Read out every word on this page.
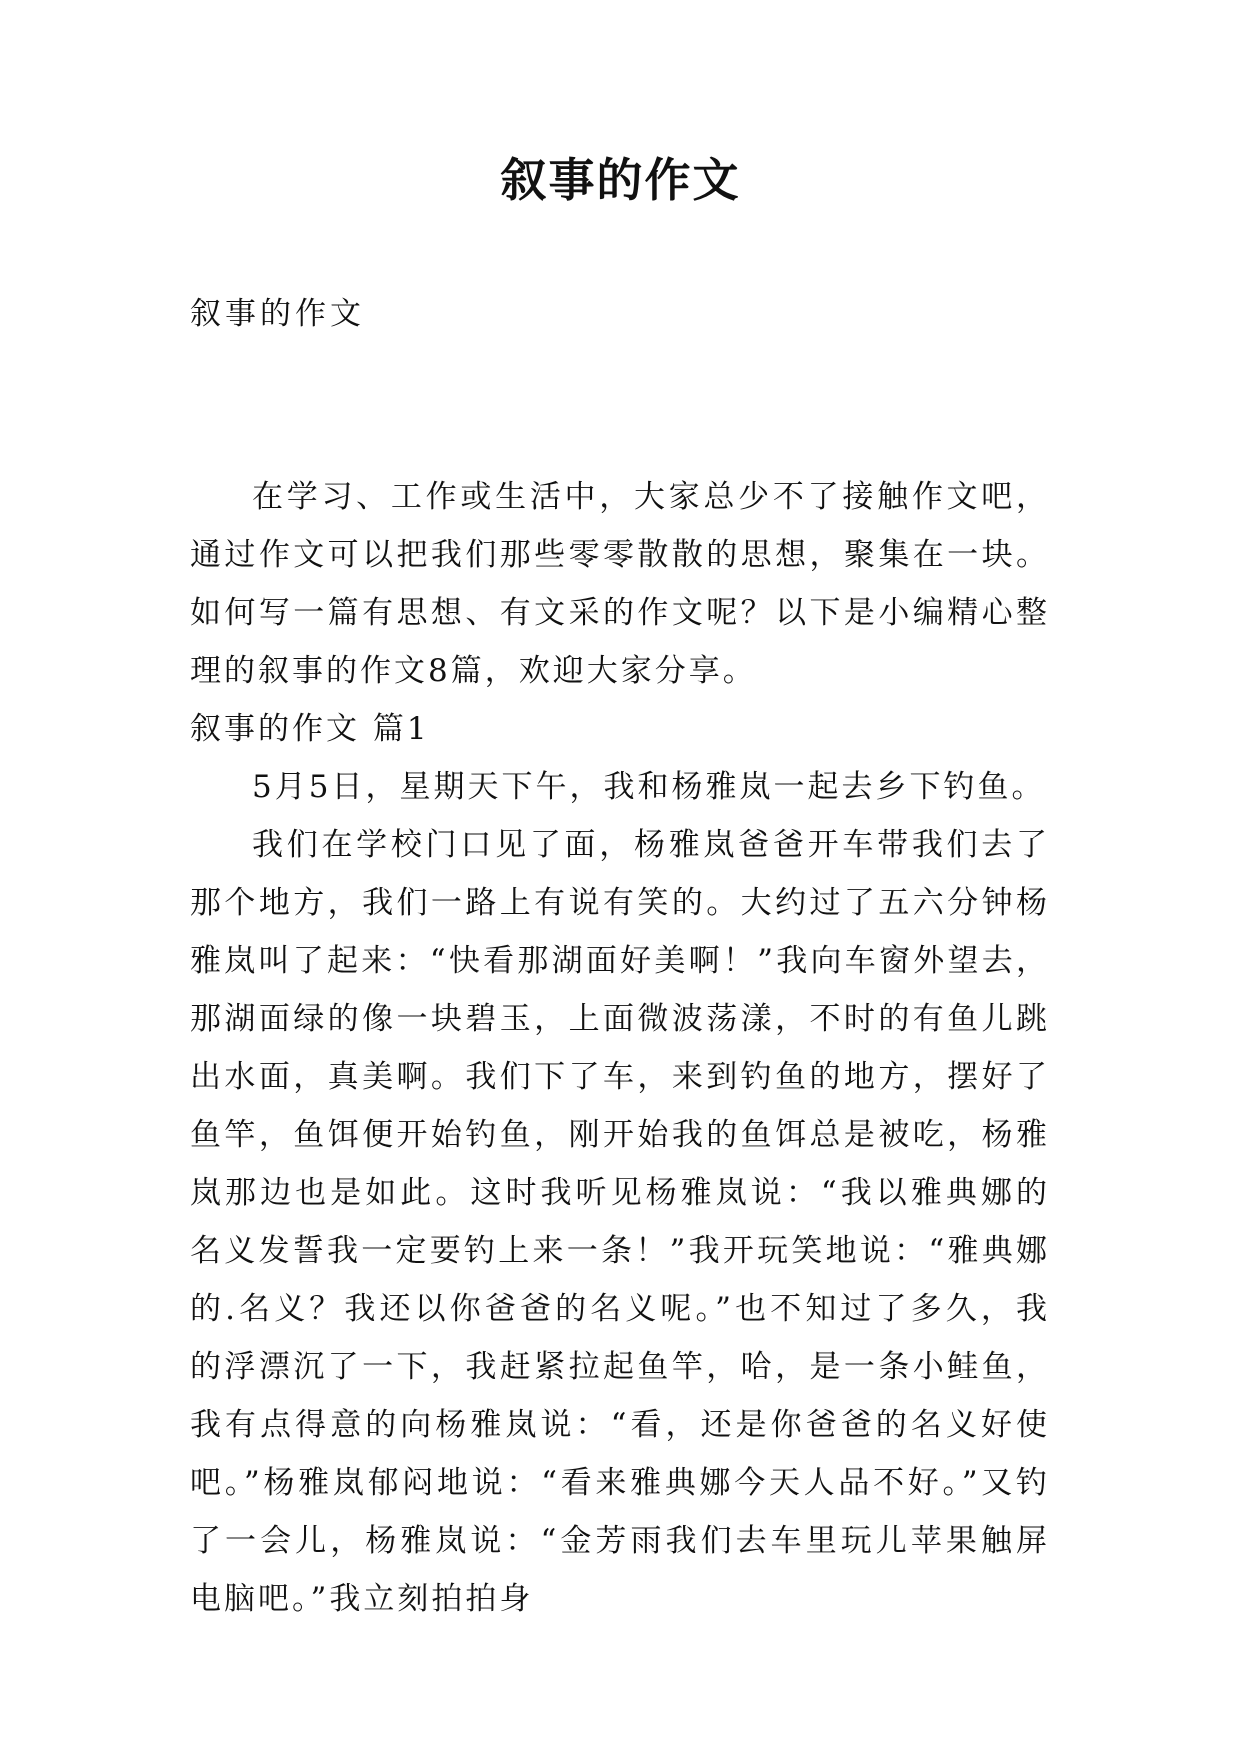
叙事的作文

叙事的作文

在学习、工作或生活中，大家总少不了接触作文吧，通过作文可以把我们那些零零散散的思想，聚集在一块。如何写一篇有思想、有文采的作文呢？以下是小编精心整理的叙事的作文8篇，欢迎大家分享。

叙事的作文 篇1

5月5日，星期天下午，我和杨雅岚一起去乡下钓鱼。

我们在学校门口见了面，杨雅岚爸爸开车带我们去了那个地方，我们一路上有说有笑的。大约过了五六分钟杨雅岚叫了起来：“快看那湖面好美啊！”我向车窗外望去，那湖面绿的像一块碧玉，上面微波荡漾，不时的有鱼儿跳出水面，真美啊。我们下了车，来到钓鱼的地方，摆好了鱼竿，鱼饵便开始钓鱼，刚开始我的鱼饵总是被吃，杨雅岚那边也是如此。这时我听见杨雅岚说：“我以雅典娜的名义发誓我一定要钓上来一条！”我开玩笑地说：“雅典娜的.名义？我还以你爸爸的名义呢。”也不知过了多久，我的浮漂沉了一下，我赶紧拉起鱼竿，哈，是一条小鲑鱼，我有点得意的向杨雅岚说：“看，还是你爸爸的名义好使吧。”杨雅岚郁闷地说：“看来雅典娜今天人品不好。”又钓了一会儿，杨雅岚说：“金芳雨我们去车里玩儿苹果触屏电脑吧。”我立刻拍拍身
